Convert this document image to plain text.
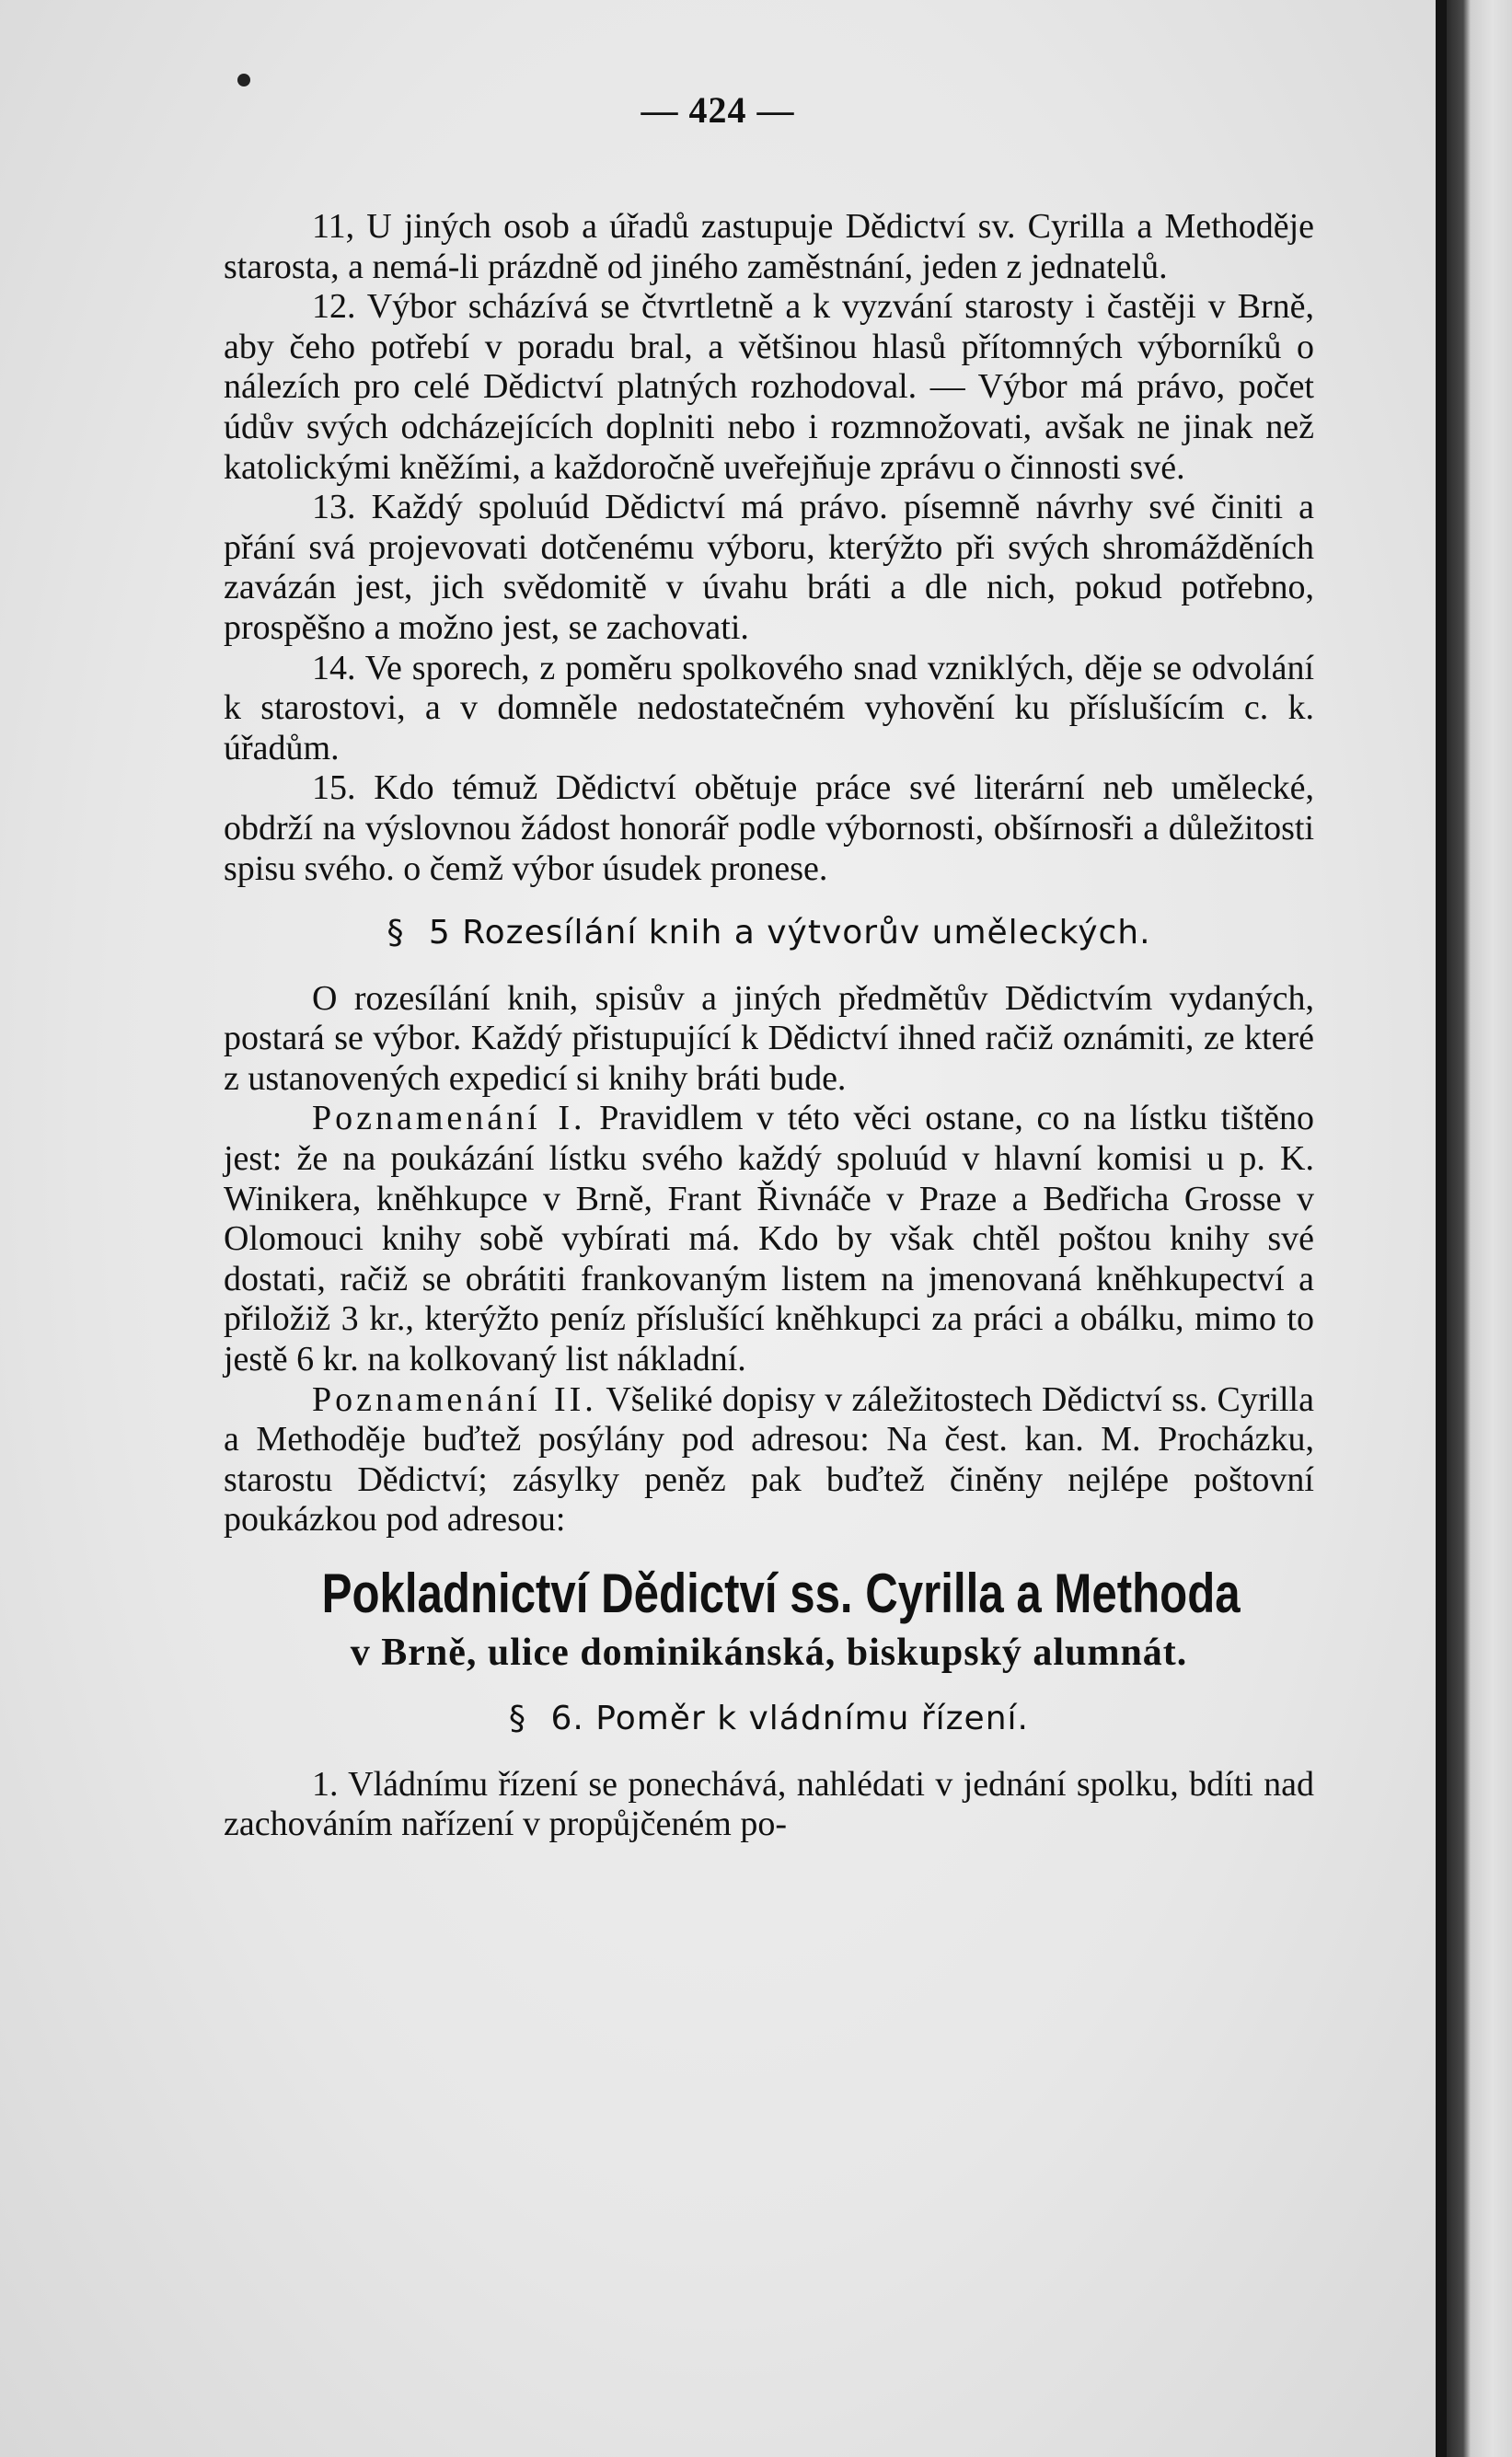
— 424 —

11, U jiných osob a úřadů zastupuje Dědictví sv. Cyrilla a Methoděje starosta, a nemá-li prázdně od jiného zaměstnání, jeden z jednatelů.

12. Výbor scházívá se čtvrtletně a k vyzvání starosty i častěji v Brně, aby čeho potřebí v poradu bral, a většinou hlasů přítomných výborníků o nálezích pro celé Dědictví platných rozhodoval. — Výbor má právo, počet údův svých odcházejících doplniti nebo i rozmnožovati, avšak ne jinak než katolickými kněžími, a každoročně uveřejňuje zprávu o činnosti své.

13. Každý spoluúd Dědictví má právo. písemně návrhy své činiti a přání svá projevovati dotčenému výboru, kterýžto při svých shromážděních zavázán jest, jich svědomitě v úvahu bráti a dle nich, pokud potřebno, prospěšno a možno jest, se zachovati.

14. Ve sporech, z poměru spolkového snad vzniklých, děje se odvolání k starostovi, a v domněle nedostatečném vyhovění ku příslušícím c. k. úřadům.

15. Kdo témuž Dědictví obětuje práce své literární neb umělecké, obdrží na výslovnou žádost honorář podle výbornosti, obšírnosři a důležitosti spisu svého. o čemž výbor úsudek pronese.

§ 5 Rozesílání knih a výtvorův uměleckých.

O rozesílání knih, spisův a jiných předmětův Dědictvím vydaných, postará se výbor. Každý přistupující k Dědictví ihned račiž oznámiti, ze které z ustanovených expedicí si knihy bráti bude.

Poznamenání I. Pravidlem v této věci ostane, co na lístku tištěno jest: že na poukázání lístku svého každý spoluúd v hlavní komisi u p. K. Winikera, kněhkupce v Brně, Frant Řivnáče v Praze a Bedřicha Grosse v Olomouci knihy sobě vybírati má. Kdo by však chtěl poštou knihy své dostati, račiž se obrátiti frankovaným listem na jmenovaná kněhkupectví a přiložiž 3 kr., kterýžto peníz příslušící kněhkupci za práci a obálku, mimo to jestě 6 kr. na kolkovaný list nákladní.

Poznamenání II. Všeliké dopisy v záležitostech Dědictví ss. Cyrilla a Methoděje buďtež posýlány pod adresou: Na čest. kan. M. Procházku, starostu Dědictví; zásylky peněz pak buďtež činěny nejlépe poštovní poukázkou pod adresou:

Pokladnictví Dědictví ss. Cyrilla a Methoda
v Brně, ulice dominikánská, biskupský alumnát.
§ 6. Poměr k vládnímu řízení.

1. Vládnímu řízení se ponechává, nahlédati v jednání spolku, bdíti nad zachováním nařízení v propůjčeném po-
